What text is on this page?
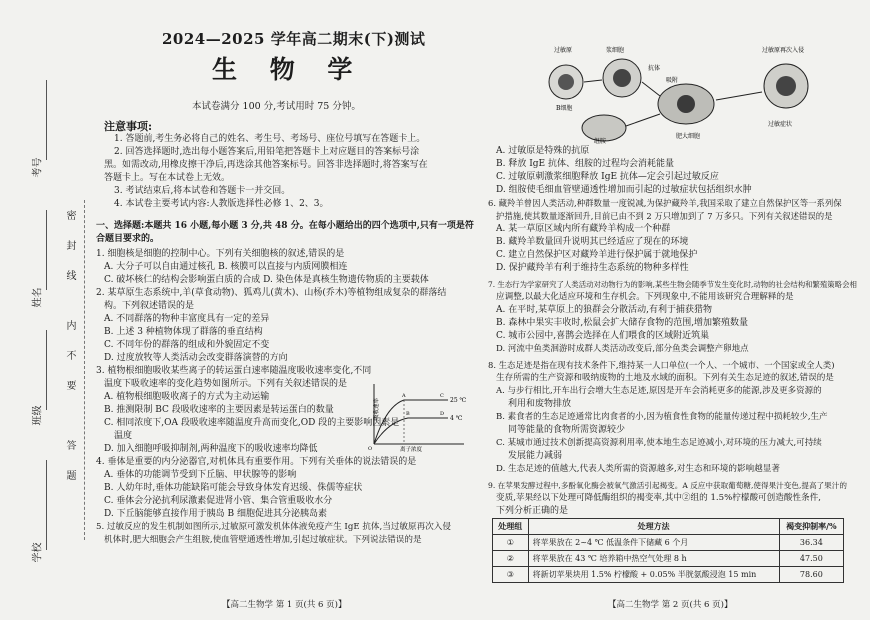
考号
姓名
班级
学校
密
封
线
内
不
要
答
题
2024—2025 学年高二期末(下)测试
生 物 学
本试卷满分 100 分,考试用时 75 分钟。
注意事项:
1. 答题前,考生务必将自己的姓名、考生号、考场号、座位号填写在答题卡上。
2. 回答选择题时,选出每小题答案后,用铅笔把答题卡上对应题目的答案标号涂
黑。如需改动,用橡皮擦干净后,再选涂其他答案标号。回答非选择题时,将答案写在
答题卡上。写在本试卷上无效。
3. 考试结束后,将本试卷和答题卡一并交回。
4. 本试卷主要考试内容:人教版选择性必修 1、2、3。
一、选择题:本题共 16 小题,每小题 3 分,共 48 分。在每小题给出的四个选项中,只有一项是符合题目要求的。
1. 细胞核是细胞的控制中心。下列有关细胞核的叙述,错误的是
A. 大分子可以自由通过核孔 B. 核膜可以直接与内质网膜相连
C. 破坏核仁的结构会影响蛋白质的合成 D. 染色体是真核生物遗传物质的主要载体
2. 某草原生态系统中,羊(草食动物)、狐鸡儿(黄木)、山杨(乔木)等植物组成复杂的群落结
构。下列叙述错误的是
A. 不同群落的物种丰富度具有一定的差异
B. 上述 3 种植物体现了群落的垂直结构
C. 不同年份的群落的组成和外貌固定不变
D. 过度放牧等人类活动会改变群落演替的方向
3. 植物根细胞吸收某些离子的转运蛋白速率随温度吸收速率变化,不同
温度下吸收速率的变化趋势如图所示。下列有关叙述错误的是
A. 植物根细胞吸收离子的方式为主动运输
B. 推测限制 BC 段吸收速率的主要因素是转运蛋白的数量
C. 相同浓度下,OA 段吸收速率随温度升高而变化,OD 段的主要影响因素是
温度
D. 加入细胞呼吸抑制剂,两种温度下的吸收速率均降低
4. 垂体是重要的内分泌器官,对机体具有重要作用。下列有关垂体的说法错误的是
A. 垂体的功能调节受到下丘脑、甲状腺等的影响
B. 人幼年时,垂体功能缺陷可能会导致身体发育迟缓、侏儒等症状
C. 垂体会分泌抗利尿激素促进肾小管、集合管重吸收水分
D. 下丘脑能够直接作用于胰岛 B 细胞促进其分泌胰岛素
5. 过敏反应的发生机制如图所示,过敏原可激发机体体液免疫产生 IgE 抗体,当过敏原再次入侵
机体时,肥大细胞会产生组胺,使血管壁通透性增加,引起过敏症状。下列说法错误的是
25 ℃
4 ℃
A
B
C
D
O	离子浓度
吸收速率
【高二生物学 第 1 页(共 6 页)】
过敏原	浆细胞
抗体
B细胞
吸附
肥大细胞
组胺
过敏症状
过敏原再次入侵
A. 过敏原是特殊的抗原
B. 释放 IgE 抗体、组胺的过程均会消耗能量
C. 过敏原刺激浆细胞释放 IgE 抗体—定会引起过敏反应
D. 组胺使毛细血管壁通透性增加而引起的过敏症状包括组织水肿
6. 藏羚羊曾因人类活动,种群数量一度锐减,为保护藏羚羊,我国采取了建立自然保护区等一系列保
护措施,使其数量逐渐回升,目前已由不到 2 万只增加到了 7 万多只。下列有关叙述错误的是
A. 某一草原区域内所有藏羚羊构成一个种群
B. 藏羚羊数量回升说明其已经适应了现在的环境
C. 建立自然保护区对藏羚羊进行保护属于就地保护
D. 保护藏羚羊有利于维持生态系统的物种多样性
7. 生态行为学家研究了人类活动对动物行为的影响,某些生物会随季节发生变化时,动物的社会结构和繁殖策略会相
应调整,以最大化适应环境和生存机会。下列现象中,不能用该研究合理解释的是
A. 在平时,某草原上的狼群会分散活动,有利于捕获猎物
B. 森林中果实丰收时,松鼠会扩大储存食物的范围,增加繁殖数量
C. 城市公园中,喜鹊会选择在人们喂食的区域附近筑巢
D. 河流中鱼类洄游时成群人类活动改变后,部分鱼类会调整产卵地点
8. 生态足迹是指在现有技术条件下,维持某一人口单位(一个人、一个城市、一个国家或全人类)
生存所需的生产资源和吸纳废物的土地及水域的面积。下列有关生态足迹的叙述,错误的是
A. 与步行相比,开车出行会增大生态足迹,原因是开车会消耗更多的能源,涉及更多资源的
利用和废物排放
B. 素食者的生态足迹通常比肉食者的小,因为植食性食物的能量传递过程中损耗较少,生产
同等能量的食物所需资源较少
C. 某城市通过技术创新提高资源利用率,使本地生态足迹减小,对环境的压力减大,可持续
发展能力减弱
D. 生态足迹的值越大,代表人类所需的资源越多,对生态和环境的影响越显著
9. 在苹果发酵过程中,多酚氧化酶会被氧气激活引起褐变。A 反应中获取葡萄糖,使得果汁变色,提高了果汁的
变质,苹果经以下处理可降低酶组织的褐变率,其中②组的 1.5%柠檬酸可创造酸性条件,
下列分析正确的是
处理组	处理方法	褐变抑制率/%
①	将苹果放在 2~4 ℃ 低温条件下储藏 6 个月	36.34
②	将苹果放在 43 ℃ 培养箱中热空气处理 8 h	47.50
③	将新切苹果块用 1.5% 柠檬酸 + 0.05% 半胱氨酸浸泡 15 min	78.60
【高二生物学 第 2 页(共 6 页)】
